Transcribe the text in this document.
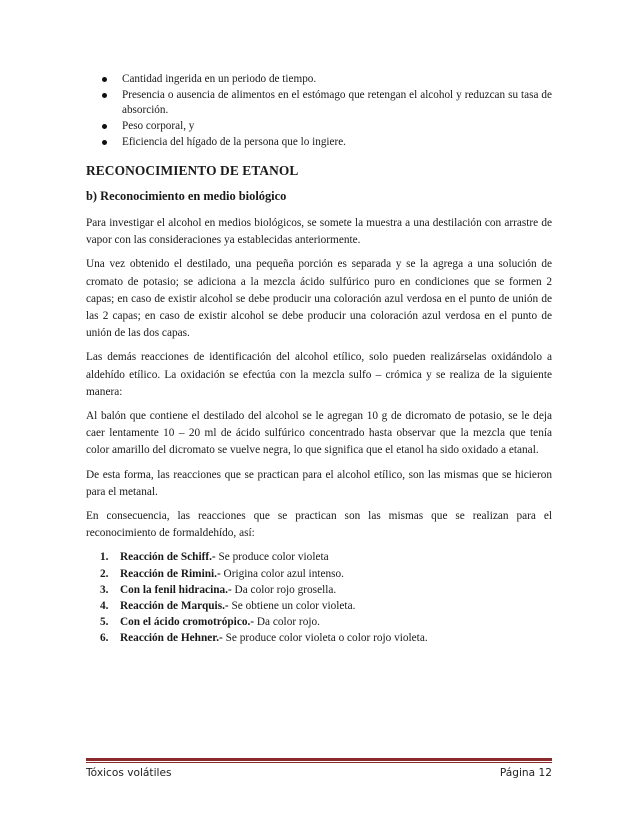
Cantidad ingerida en un periodo de tiempo.
Presencia o ausencia de alimentos en el estómago que retengan el alcohol y reduzcan su tasa de absorción.
Peso corporal, y
Eficiencia del hígado de la persona que lo ingiere.
RECONOCIMIENTO DE ETANOL
b) Reconocimiento en medio biológico

Para investigar el alcohol en medios biológicos, se somete la muestra a una destilación con arrastre de vapor con las consideraciones ya establecidas anteriormente.

Una vez obtenido el destilado, una pequeña porción es separada y se la agrega a una solución de cromato de potasio; se adiciona a la mezcla ácido sulfúrico puro en condiciones que se formen 2 capas; en caso de existir alcohol se debe producir una coloración azul verdosa en el punto de unión de las 2 capas; en caso de existir alcohol se debe producir una coloración azul verdosa en el punto de unión de las dos capas.

Las demás reacciones de identificación del alcohol etílico, solo pueden realizárselas oxidándolo a aldehído etílico. La oxidación se efectúa con la mezcla sulfo – crómica y se realiza de la siguiente manera:

Al balón que contiene el destilado del alcohol se le agregan 10 g de dicromato de potasio, se le deja caer lentamente 10 – 20 ml de ácido sulfúrico concentrado hasta observar que la mezcla que tenía color amarillo del dicromato se vuelve negra, lo que significa que el etanol ha sido oxidado a etanal.

De esta forma, las reacciones que se practican para el alcohol etílico, son las mismas que se hicieron para el metanal.

En consecuencia, las reacciones que se practican son las mismas que se realizan para el reconocimiento de formaldehído, así:

1. Reacción de Schiff.- Se produce color violeta
2. Reacción de Rimini.- Origina color azul intenso.
3. Con la fenil hidracina.- Da color rojo grosella.
4. Reacción de Marquis.- Se obtiene un color violeta.
5. Con el ácido cromotrópico.- Da color rojo.
6. Reacción de Hehner.- Se produce color violeta o color rojo violeta.
Tóxicos volátiles	Página 12
